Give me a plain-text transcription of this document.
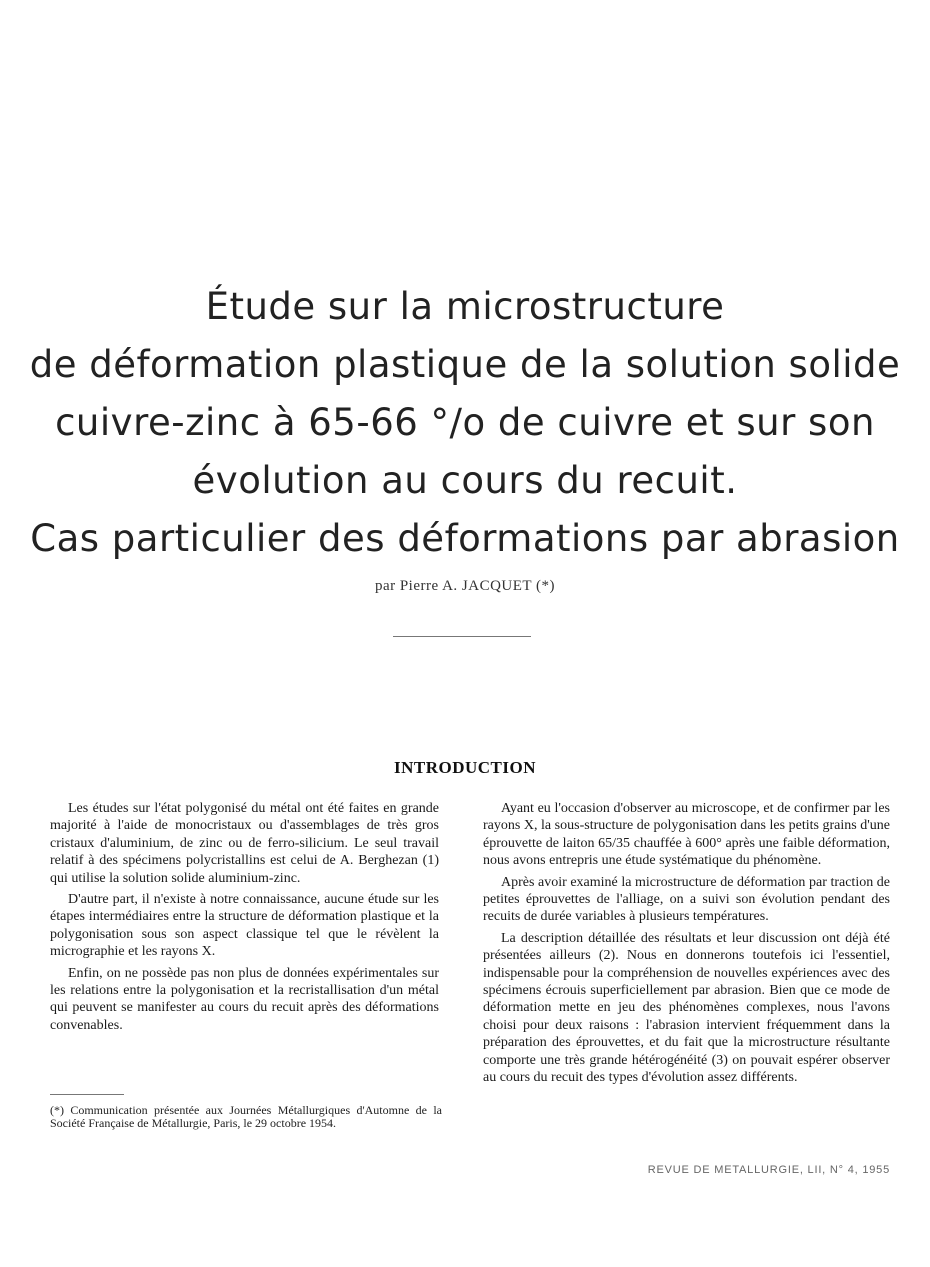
Étude sur la microstructure
de déformation plastique de la solution solide
cuivre-zinc à 65-66 °/o de cuivre et sur son
évolution au cours du recuit.
Cas particulier des déformations par abrasion
par Pierre A. JACQUET (*)
INTRODUCTION

Les études sur l'état polygonisé du métal ont été faites en grande majorité à l'aide de monocristaux ou d'assemblages de très gros cristaux d'aluminium, de zinc ou de ferro-silicium. Le seul travail relatif à des spécimens polycristallins est celui de A. Berghezan (1) qui utilise la solution solide aluminium-zinc.

D'autre part, il n'existe à notre connaissance, aucune étude sur les étapes intermédiaires entre la structure de déformation plastique et la polygonisation sous son aspect classique tel que le révèlent la micrographie et les rayons X.

Enfin, on ne possède pas non plus de données expérimentales sur les relations entre la polygonisation et la recristallisation d'un métal qui peuvent se manifester au cours du recuit après des déformations convenables.

(*) Communication présentée aux Journées Métallurgiques d'Automne de la Société Française de Métallurgie, Paris, le 29 octobre 1954.

Ayant eu l'occasion d'observer au microscope, et de confirmer par les rayons X, la sous-structure de polygonisation dans les petits grains d'une éprouvette de laiton 65/35 chauffée à 600° après une faible déformation, nous avons entrepris une étude systématique du phénomène.

Après avoir examiné la microstructure de déformation par traction de petites éprouvettes de l'alliage, on a suivi son évolution pendant des recuits de durée variables à plusieurs températures.

La description détaillée des résultats et leur discussion ont déjà été présentées ailleurs (2). Nous en donnerons toutefois ici l'essentiel, indispensable pour la compréhension de nouvelles expériences avec des spécimens écrouis superficiellement par abrasion. Bien que ce mode de déformation mette en jeu des phénomènes complexes, nous l'avons choisi pour deux raisons : l'abrasion intervient fréquemment dans la préparation des éprouvettes, et du fait que la microstructure résultante comporte une très grande hétérogénéité (3) on pouvait espérer observer au cours du recuit des types d'évolution assez différents.

REVUE DE METALLURGIE, LII, N° 4, 1955
